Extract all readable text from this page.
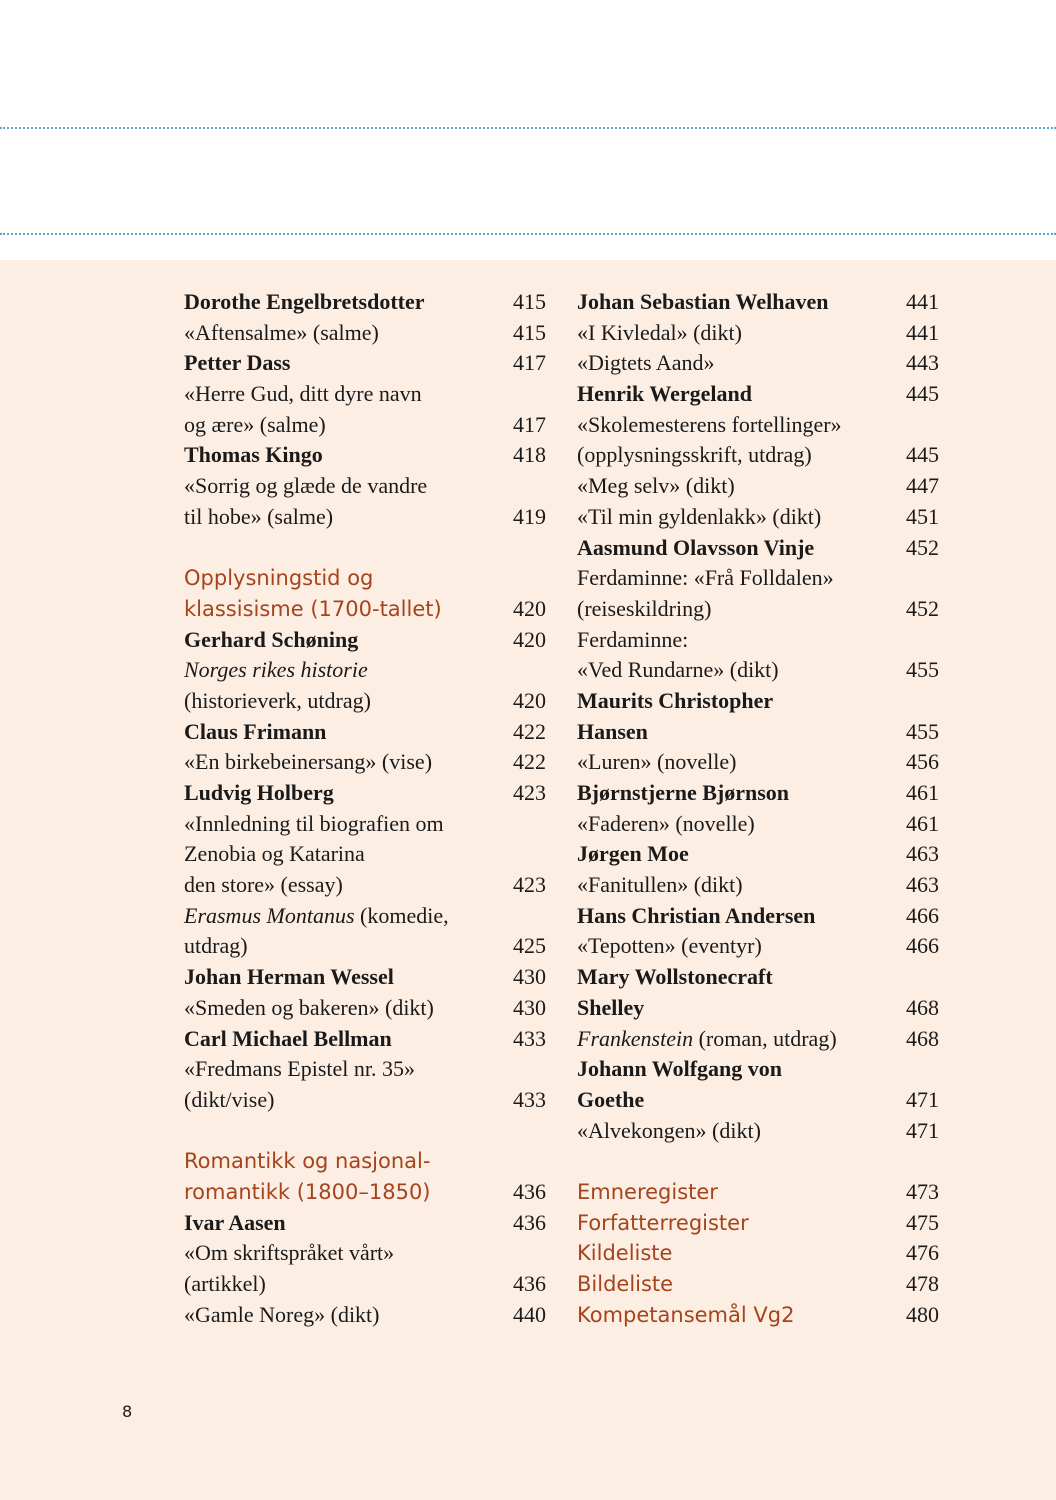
Dorothe Engelbretsdotter	415
«Aftensalme» (salme)	415
Petter Dass	417
«Herre Gud, ditt dyre navn
og ære» (salme)	417
Thomas Kingo	418
«Sorrig og glæde de vandre
til hobe» (salme)	419
Opplysningstid og
klassisisme (1700-tallet)	420
Gerhard Schøning	420
Norges rikes historie
(historieverk, utdrag)	420
Claus Frimann	422
«En birkebeinersang» (vise)	422
Ludvig Holberg	423
«Innledning til biografien om
Zenobia og Katarina
den store» (essay)	423
Erasmus Montanus (komedie,
utdrag)	425
Johan Herman Wessel	430
«Smeden og bakeren» (dikt)	430
Carl Michael Bellman	433
«Fredmans Epistel nr. 35»
(dikt/vise)	433
Romantikk og nasjonal-
romantikk (1800–1850)	436
Ivar Aasen	436
«Om skriftspråket vårt»
(artikkel)	436
«Gamle Noreg» (dikt)	440
Johan Sebastian Welhaven	441
«I Kivledal» (dikt)	441
«Digtets Aand»	443
Henrik Wergeland	445
«Skolemesterens fortellinger»
(opplysningsskrift, utdrag)	445
«Meg selv» (dikt)	447
«Til min gyldenlakk» (dikt)	451
Aasmund Olavsson Vinje	452
Ferdaminne: «Frå Folldalen»
(reiseskildring)	452
Ferdaminne:
«Ved Rundarne» (dikt)	455
Maurits Christopher
Hansen	455
«Luren» (novelle)	456
Bjørnstjerne Bjørnson	461
«Faderen» (novelle)	461
Jørgen Moe	463
«Fanitullen» (dikt)	463
Hans Christian Andersen	466
«Tepotten» (eventyr)	466
Mary Wollstonecraft
Shelley	468
Frankenstein (roman, utdrag)	468
Johann Wolfgang von
Goethe	471
«Alvekongen» (dikt)	471
Emneregister	473
Forfatterregister	475
Kildeliste	476
Bildeliste	478
Kompetansemål Vg2	480
8
